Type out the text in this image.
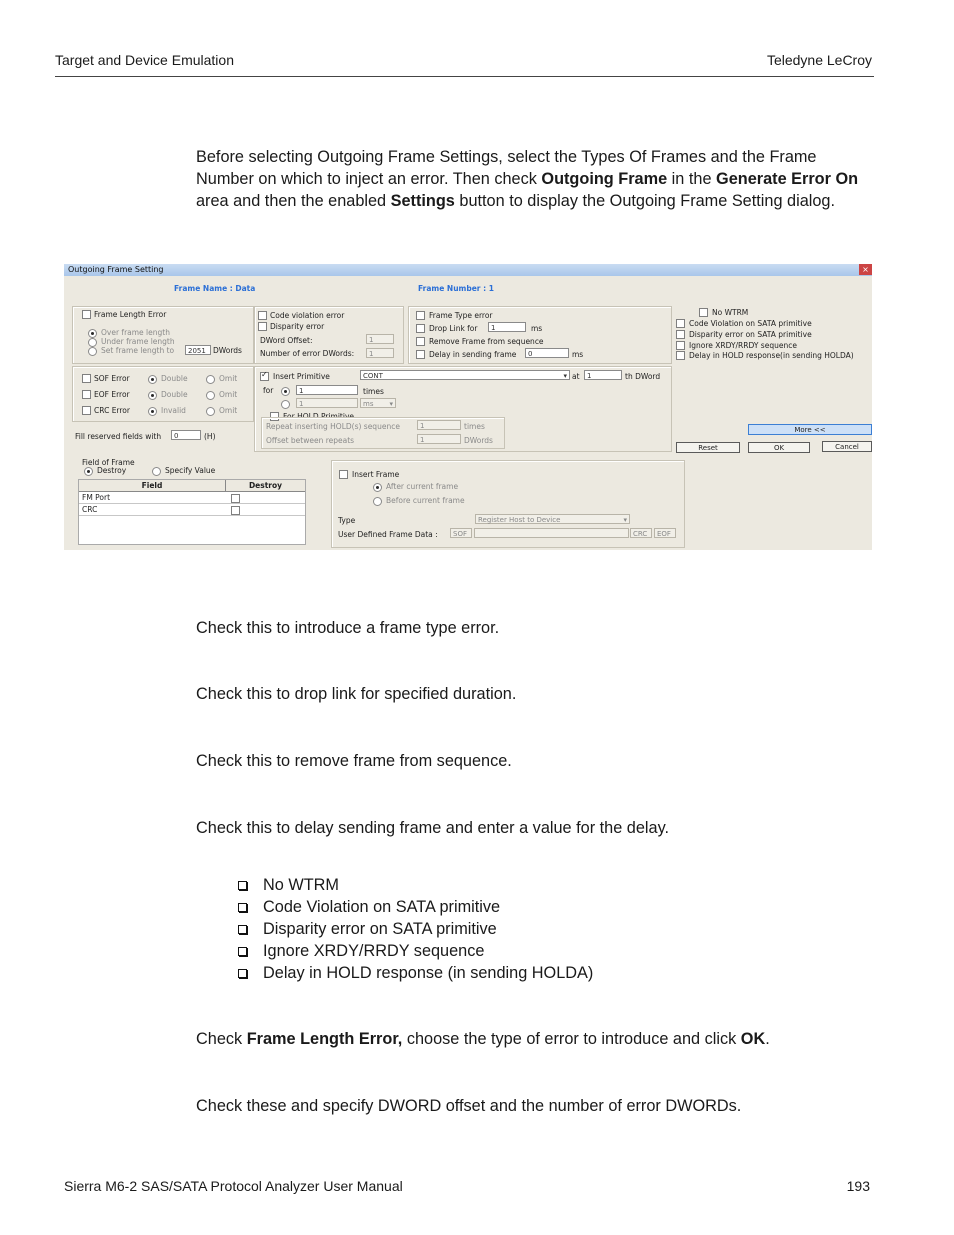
Target and Device Emulation	Teledyne LeCroy
Before selecting Outgoing Frame Settings, select the Types Of Frames and the Frame Number on which to inject an error. Then check Outgoing Frame in the Generate Error On area and then the enabled Settings button to display the Outgoing Frame Setting dialog.
Outgoing Frame Setting	×
Frame Name : Data	Frame Number : 1
Frame Length Error
Over frame length
Under frame length
Set frame length to	2051 DWords
Code violation error
Disparity error
DWord Offset:	1
Number of error DWords:	1
Frame Type error
Drop Link for	1	ms
Remove Frame from sequence
Delay in sending frame	0	ms
No WTRM
Code Violation on SATA primitive
Disparity error on SATA primitive
Ignore XRDY/RRDY sequence
Delay in HOLD response(in sending HOLDA)
SOF Error	Double	Omit
EOF Error	Double	Omit
CRC Error	Invalid	Omit
Fill reserved fields with	0	(H)
✓
Insert Primitive	CONT	▾ at	1	th DWord
for	1	times
1	ms ▾
For HOLD Primitive
Repeat inserting HOLD(s) sequence	1	times
Offset between repeats	1	DWords
More <<
Reset	OK	Cancel
Field of Frame
Destroy	Specify Value
Field	Destroy
FM Port
CRC
Insert Frame
After current frame
Before current frame
Type	Register Host to Device	▾
User Defined Frame Data :	SOF	CRC	EOF
Check this to introduce a frame type error.
Check this to drop link for specified duration.
Check this to remove frame from sequence.
Check this to delay sending frame and enter a value for the delay.
No WTRM
Code Violation on SATA primitive
Disparity error on SATA primitive
Ignore XRDY/RRDY sequence
Delay in HOLD response (in sending HOLDA)
Check Frame Length Error, choose the type of error to introduce and click OK.
Check these and specify DWORD offset and the number of error DWORDs.
Sierra M6-2 SAS/SATA Protocol Analyzer User Manual	193
